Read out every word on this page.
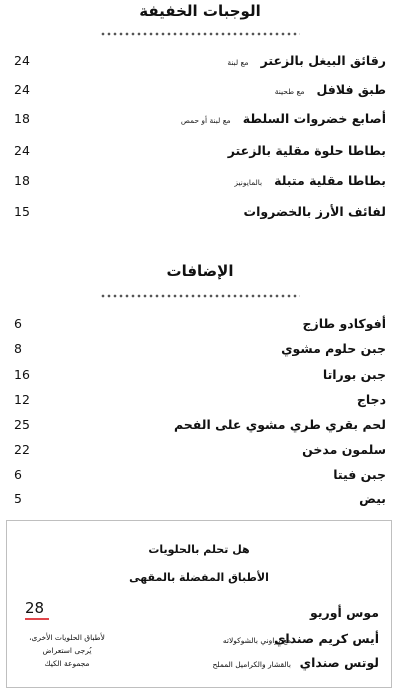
الوجبات الخفيفة
رقائق البيغل بالزعتر
مع لبنة
24
طبق فلافل
مع طحينة
24
أصابع خضروات السلطة
مع لبنة أو حمص
18
بطاطا حلوة مقلية بالزعتر
24
بطاطا مقلية متبلة
بالمايونيز
18
لفائف الأرز بالخضروات
15
الإضافات
أفوكادو طازج
6
جبن حلوم مشوي
8
جبن بوراتا
16
دجاج
12
لحم بقري طري مشوي على الفحم
25
سلمون مدخن
22
جبن فيتا
6
بيض
5
هل تحلم بالحلويات
الأطباق المفضلة بالمقهى
28	موس أوريو
أيس كريم صنداي
مع براوني بالشوكولاته
لوتس صنداي
بالقشار والكراميل المملح
لأطباق الحلويات الأخرى،
يُرجى استعراض
مجموعة الكيك
